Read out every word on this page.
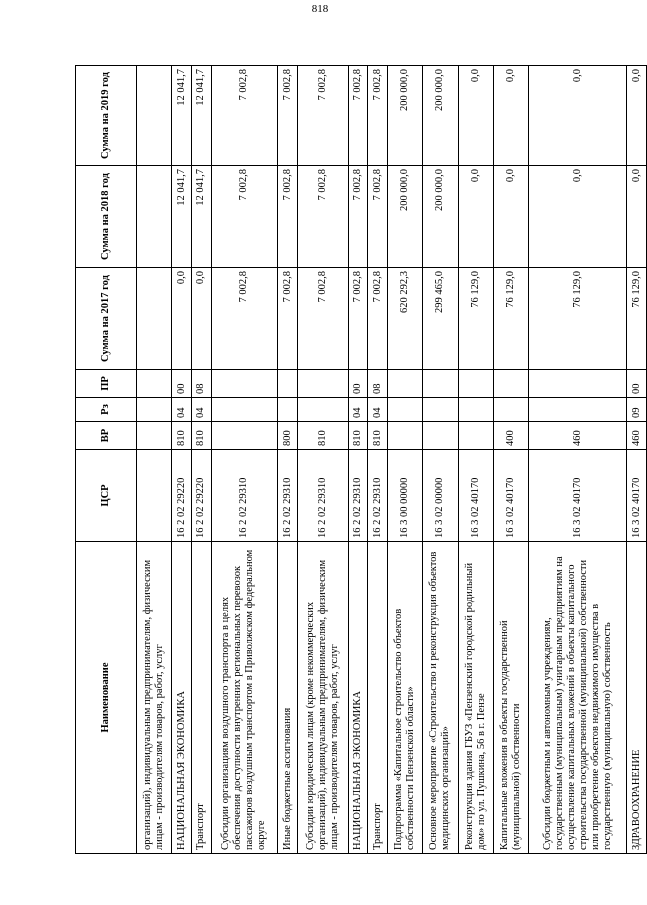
818
Наименование	ЦСР	ВР	Рз	ПР	Сумма на 2017 год	Сумма на 2018 год	Сумма на 2019 год
организаций), индивидуальным предпринимателям, физическим лицам - производителям товаров, работ, услуг							
НАЦИОНАЛЬНАЯ ЭКОНОМИКА	16 2 02 29220	810	04	00	0,0	12 041,7	12 041,7
Транспорт	16 2 02 29220	810	04	08	0,0	12 041,7	12 041,7
Субсидии организациям воздушного транспорта в целях обеспечения доступности внутренних региональных перевозок пассажиров воздушным транспортом в Приволжском федеральном округе	16 2 02 29310				7 002,8	7 002,8	7 002,8
Иные бюджетные ассигнования	16 2 02 29310	800			7 002,8	7 002,8	7 002,8
Субсидии юридическим лицам (кроме некоммерческих организаций), индивидуальным предпринимателям, физическим лицам - производителям товаров, работ, услуг	16 2 02 29310	810			7 002,8	7 002,8	7 002,8
НАЦИОНАЛЬНАЯ ЭКОНОМИКА	16 2 02 29310	810	04	00	7 002,8	7 002,8	7 002,8
Транспорт	16 2 02 29310	810	04	08	7 002,8	7 002,8	7 002,8
Подпрограмма «Капитальное строительство объектов собственности Пензенской области»	16 3 00 00000				620 292,3	200 000,0	200 000,0
Основное мероприятие «Строительство и реконструкция объектов медицинских организаций»	16 3 02 00000				299 465,0	200 000,0	200 000,0
Реконструкция здания ГБУЗ «Пензенский городской родильный дом» по ул. Пушкина, 56 в г. Пензе	16 3 02 40170				76 129,0	0,0	0,0
Капитальные вложения в объекты государственной (муниципальной) собственности	16 3 02 40170	400			76 129,0	0,0	0,0
Субсидии бюджетным и автономным учреждениям, государственным (муниципальным) унитарным предприятиям на осуществление капитальных вложений в объекты капитального строительства государственной (муниципальной) собственности или приобретение объектов недвижимого имущества в государственную (муниципальную) собственность	16 3 02 40170	460			76 129,0	0,0	0,0
ЗДРАВООХРАНЕНИЕ	16 3 02 40170	460	09	00	76 129,0	0,0	0,0
